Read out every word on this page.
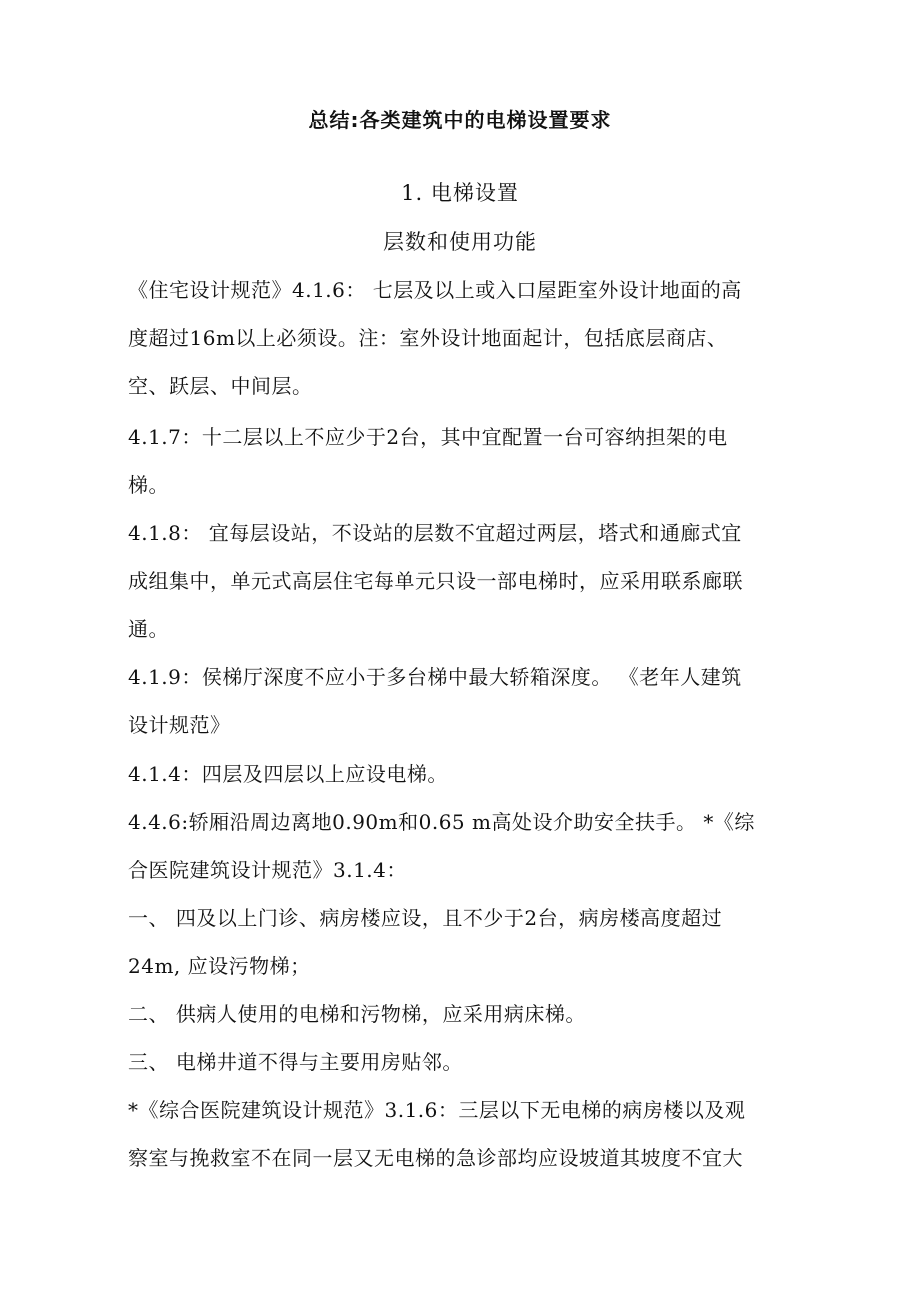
总结:各类建筑中的电梯设置要求
1. 电梯设置
层数和使用功能
《住宅设计规范》4.1.6： 七层及以上或入口屋距室外设计地面的高
度超过16m以上必须设。注：室外设计地面起计，包括底层商店、
空、跃层、中间层。
4.1.7：十二层以上不应少于2台，其中宜配置一台可容纳担架的电
梯。
4.1.8： 宜每层设站，不设站的层数不宜超过两层，塔式和通廊式宜
成组集中，单元式高层住宅每单元只设一部电梯时，应采用联系廊联
通。
4.1.9：侯梯厅深度不应小于多台梯中最大轿箱深度。 《老年人建筑
设计规范》
4.1.4：四层及四层以上应设电梯。
4.4.6:轿厢沿周边离地0.90m和0.65 m高处设介助安全扶手。 *《综
合医院建筑设计规范》3.1.4：
一、 四及以上门诊、病房楼应设，且不少于2台，病房楼高度超过
24m, 应设污物梯；
二、 供病人使用的电梯和污物梯，应采用病床梯。
三、 电梯井道不得与主要用房贴邻。
*《综合医院建筑设计规范》3.1.6：三层以下无电梯的病房楼以及观
察室与挽救室不在同一层又无电梯的急诊部均应设坡道其坡度不宜大
